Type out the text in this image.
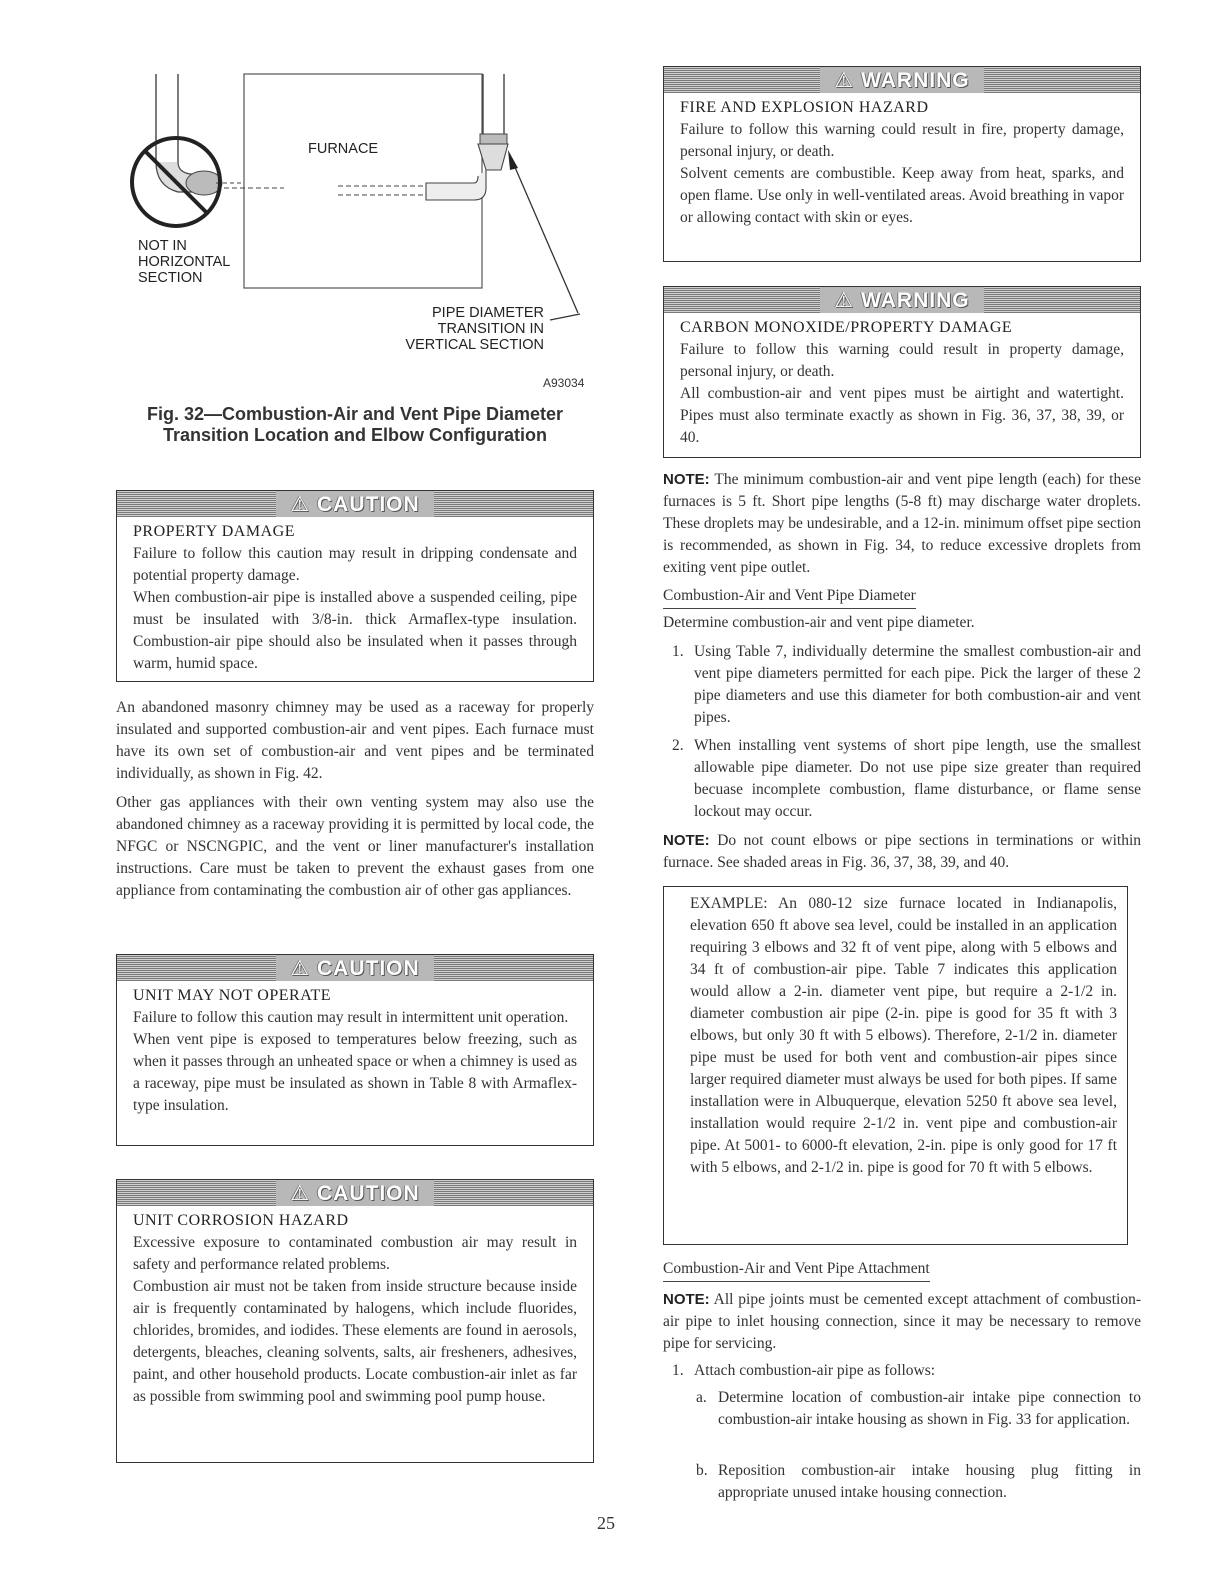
FURNACE
NOT IN
HORIZONTAL
SECTION
PIPE DIAMETER
TRANSITION IN
VERTICAL SECTION
A93034
Fig. 32—Combustion-Air and Vent Pipe Diameter Transition Location and Elbow Configuration
⚠ CAUTION
PROPERTY DAMAGE

Failure to follow this caution may result in dripping condensate and potential property damage.

When combustion-air pipe is installed above a suspended ceiling, pipe must be insulated with 3/8-in. thick Armaflex-type insulation. Combustion-air pipe should also be insulated when it passes through warm, humid space.

An abandoned masonry chimney may be used as a raceway for properly insulated and supported combustion-air and vent pipes. Each furnace must have its own set of combustion-air and vent pipes and be terminated individually, as shown in Fig. 42.

Other gas appliances with their own venting system may also use the abandoned chimney as a raceway providing it is permitted by local code, the NFGC or NSCNGPIC, and the vent or liner manufacturer's installation instructions. Care must be taken to prevent the exhaust gases from one appliance from contaminating the combustion air of other gas appliances.

⚠ CAUTION
UNIT MAY NOT OPERATE

Failure to follow this caution may result in intermittent unit operation.

When vent pipe is exposed to temperatures below freezing, such as when it passes through an unheated space or when a chimney is used as a raceway, pipe must be insulated as shown in Table 8 with Armaflex-type insulation.

⚠ CAUTION
UNIT CORROSION HAZARD

Excessive exposure to contaminated combustion air may result in safety and performance related problems.

Combustion air must not be taken from inside structure because inside air is frequently contaminated by halogens, which include fluorides, chlorides, bromides, and iodides. These elements are found in aerosols, detergents, bleaches, cleaning solvents, salts, air fresheners, adhesives, paint, and other household products. Locate combustion-air inlet as far as possible from swimming pool and swimming pool pump house.

⚠ WARNING
FIRE AND EXPLOSION HAZARD

Failure to follow this warning could result in fire, property damage, personal injury, or death.

Solvent cements are combustible. Keep away from heat, sparks, and open flame. Use only in well-ventilated areas. Avoid breathing in vapor or allowing contact with skin or eyes.

⚠ WARNING
CARBON MONOXIDE/PROPERTY DAMAGE

Failure to follow this warning could result in property damage, personal injury, or death.

All combustion-air and vent pipes must be airtight and watertight. Pipes must also terminate exactly as shown in Fig. 36, 37, 38, 39, or 40.

NOTE: The minimum combustion-air and vent pipe length (each) for these furnaces is 5 ft. Short pipe lengths (5-8 ft) may discharge water droplets. These droplets may be undesirable, and a 12-in. minimum offset pipe section is recommended, as shown in Fig. 34, to reduce excessive droplets from exiting vent pipe outlet.

Combustion-Air and Vent Pipe Diameter

Determine combustion-air and vent pipe diameter.

1. Using Table 7, individually determine the smallest combustion-air and vent pipe diameters permitted for each pipe. Pick the larger of these 2 pipe diameters and use this diameter for both combustion-air and vent pipes.
2. When installing vent systems of short pipe length, use the smallest allowable pipe diameter. Do not use pipe size greater than required becuase incomplete combustion, flame disturbance, or flame sense lockout may occur.

NOTE: Do not count elbows or pipe sections in terminations or within furnace. See shaded areas in Fig. 36, 37, 38, 39, and 40.

EXAMPLE: An 080-12 size furnace located in Indianapolis, elevation 650 ft above sea level, could be installed in an application requiring 3 elbows and 32 ft of vent pipe, along with 5 elbows and 34 ft of combustion-air pipe. Table 7 indicates this application would allow a 2-in. diameter vent pipe, but require a 2-1/2 in. diameter combustion air pipe (2-in. pipe is good for 35 ft with 3 elbows, but only 30 ft with 5 elbows). Therefore, 2-1/2 in. diameter pipe must be used for both vent and combustion-air pipes since larger required diameter must always be used for both pipes. If same installation were in Albuquerque, elevation 5250 ft above sea level, installation would require 2-1/2 in. vent pipe and combustion-air pipe. At 5001- to 6000-ft elevation, 2-in. pipe is only good for 17 ft with 5 elbows, and 2-1/2 in. pipe is good for 70 ft with 5 elbows.
Combustion-Air and Vent Pipe Attachment

NOTE: All pipe joints must be cemented except attachment of combustion-air pipe to inlet housing connection, since it may be necessary to remove pipe for servicing.

1. Attach combustion-air pipe as follows:
a. Determine location of combustion-air intake pipe connection to combustion-air intake housing as shown in Fig. 33 for application.
b. Reposition combustion-air intake housing plug fitting in appropriate unused intake housing connection.
25
